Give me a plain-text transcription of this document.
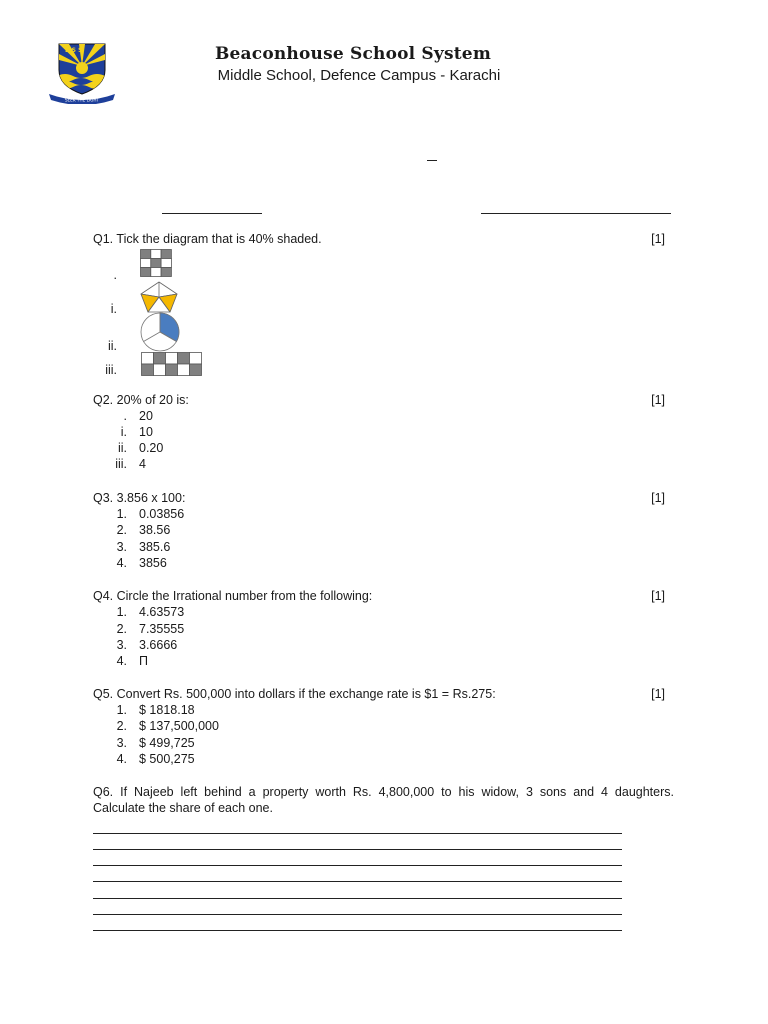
B S S
SEEK THE LIGHT
Beaconhouse School System
Middle School, Defence Campus - Karachi
Q1. Tick the diagram that is 40% shaded.	[1]
.
i.
ii.
iii.
Q2. 20% of 20 is:	[1]
. 20
i. 10
ii. 0.20
iii. 4
Q3. 3.856 x 100:	[1]
1. 0.03856
2. 38.56
3. 385.6
4. 3856
Q4. Circle the Irrational number from the following:	[1]
1. 4.63573
2. 7.35555
3. 3.6666
4. Π
Q5. Convert Rs. 500,000 into dollars if the exchange rate is $1 = Rs.275:	[1]
1. $ 1818.18
2. $ 137,500,000
3. $ 499,725
4. $ 500,275
Q6. If Najeeb left behind a property worth Rs. 4,800,000 to his widow, 3 sons and 4 daughters.
Calculate the share of each one.
